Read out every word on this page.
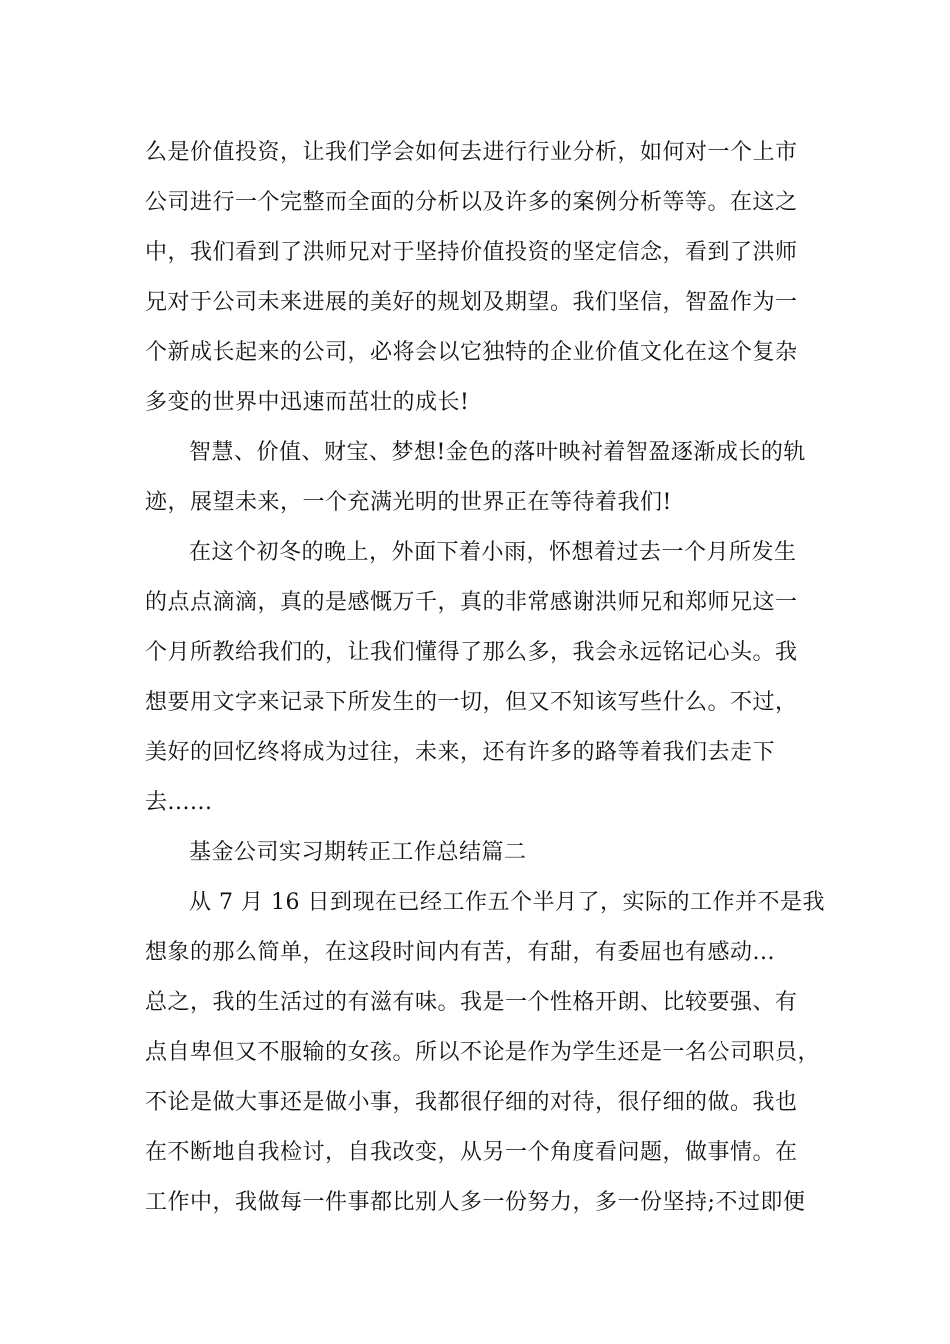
么是价值投资，让我们学会如何去进行行业分析，如何对一个上市
公司进行一个完整而全面的分析以及许多的案例分析等等。在这之
中，我们看到了洪师兄对于坚持价值投资的坚定信念，看到了洪师
兄对于公司未来进展的美好的规划及期望。我们坚信，智盈作为一
个新成长起来的公司，必将会以它独特的企业价值文化在这个复杂
多变的世界中迅速而茁壮的成长!
智慧、价值、财宝、梦想!金色的落叶映衬着智盈逐渐成长的轨
迹，展望未来，一个充满光明的世界正在等待着我们!
在这个初冬的晚上，外面下着小雨，怀想着过去一个月所发生
的点点滴滴，真的是感慨万千，真的非常感谢洪师兄和郑师兄这一
个月所教给我们的，让我们懂得了那么多，我会永远铭记心头。我
想要用文字来记录下所发生的一切，但又不知该写些什么。不过，
美好的回忆终将成为过往，未来，还有许多的路等着我们去走下
去......
基金公司实习期转正工作总结篇二
从 7 月 16 日到现在已经工作五个半月了，实际的工作并不是我
想象的那么简单，在这段时间内有苦，有甜，有委屈也有感动...
总之，我的生活过的有滋有味。我是一个性格开朗、比较要强、有
点自卑但又不服输的女孩。所以不论是作为学生还是一名公司职员，
不论是做大事还是做小事，我都很仔细的对待，很仔细的做。我也
在不断地自我检讨，自我改变，从另一个角度看问题，做事情。在
工作中，我做每一件事都比别人多一份努力，多一份坚持;不过即便
